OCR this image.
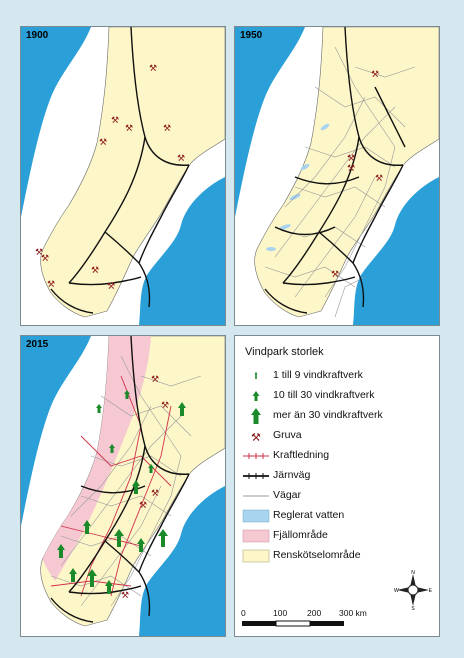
⚒
⚒
⚒
⚒
⚒
⚒
⚒
⚒
⚒
⚒	⚒
1900
⚒
⚒
⚒
⚒
⚒
1950
⚒
⚒
⚒
⚒
⚒
2015
Vindpark storlek
1 till 9 vindkraftverk
10 till 30 vindkraftverk
mer än 30 vindkraftverk
⚒ Gruva
Kraftledning
Järnväg
Vägar
Reglerat vatten
Fjällområde
Renskötselområde
N
S
E
W
0	100 200 300 km
